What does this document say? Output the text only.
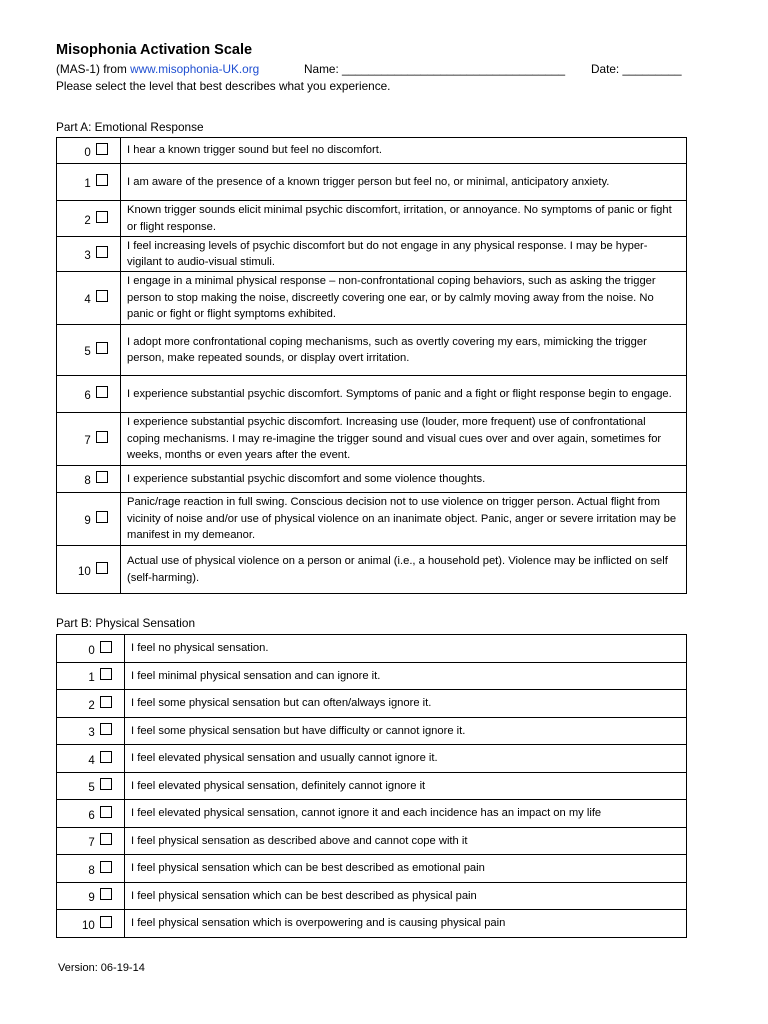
Misophonia Activation Scale
(MAS-1) from www.misophonia-UK.org	Name: __________________________________ Date: _________
Please select the level that best describes what you experience.
Part A: Emotional Response
0	I hear a known trigger sound but feel no discomfort.
1	I am aware of the presence of a known trigger person but feel no, or minimal, anticipatory anxiety.
2	Known trigger sounds elicit minimal psychic discomfort, irritation, or annoyance. No symptoms of panic or fight or flight response.
3	I feel increasing levels of psychic discomfort but do not engage in any physical response. I may be hyper-vigilant to audio-visual stimuli.
4	I engage in a minimal physical response – non-confrontational coping behaviors, such as asking the trigger person to stop making the noise, discreetly covering one ear, or by calmly moving away from the noise. No panic or fight or flight symptoms exhibited.
5	I adopt more confrontational coping mechanisms, such as overtly covering my ears, mimicking the trigger person, make repeated sounds, or display overt irritation.
6	I experience substantial psychic discomfort. Symptoms of panic and a fight or flight response begin to engage.
7	I experience substantial psychic discomfort. Increasing use (louder, more frequent) use of confrontational coping mechanisms. I may re-imagine the trigger sound and visual cues over and over again, sometimes for weeks, months or even years after the event.
8	I experience substantial psychic discomfort and some violence thoughts.
9	Panic/rage reaction in full swing. Conscious decision not to use violence on trigger person. Actual flight from vicinity of noise and/or use of physical violence on an inanimate object. Panic, anger or severe irritation may be manifest in my demeanor.
10	Actual use of physical violence on a person or animal (i.e., a household pet). Violence may be inflicted on self (self-harming).
Part B: Physical Sensation
0	I feel no physical sensation.
1	I feel minimal physical sensation and can ignore it.
2	I feel some physical sensation but can often/always ignore it.
3	I feel some physical sensation but have difficulty or cannot ignore it.
4	I feel elevated physical sensation and usually cannot ignore it.
5	I feel elevated physical sensation, definitely cannot ignore it
6	I feel elevated physical sensation, cannot ignore it and each incidence has an impact on my life
7	I feel physical sensation as described above and cannot cope with it
8	I feel physical sensation which can be best described as emotional pain
9	I feel physical sensation which can be best described as physical pain
10	I feel physical sensation which is overpowering and is causing physical pain
Version: 06-19-14
